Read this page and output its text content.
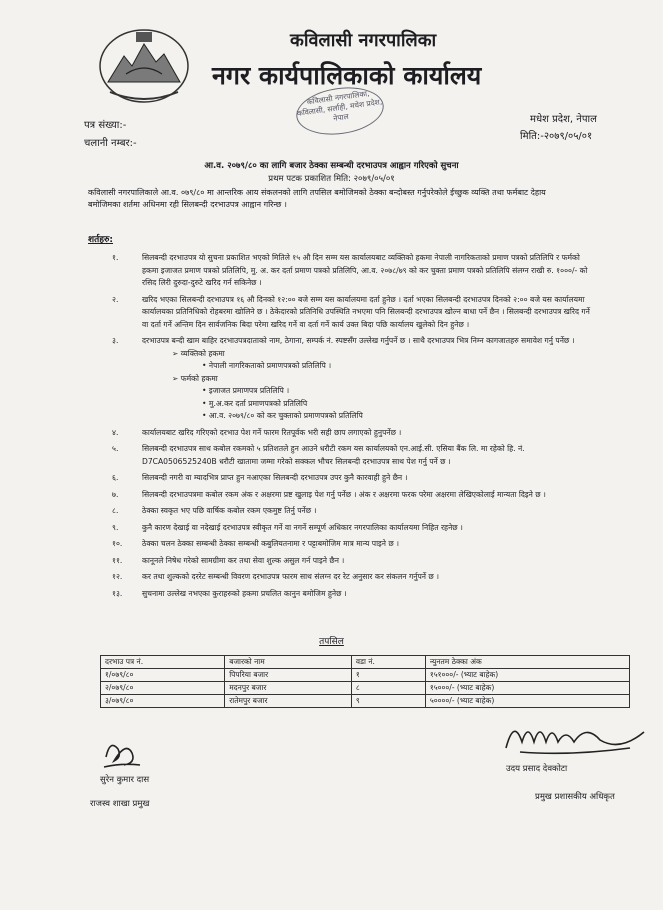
कविलासी नगरपालिका
नगर कार्यपालिकाको कार्यालय
कविलासी नगरपालिका, कविलासी, सर्लाही, मधेश प्रदेश, नेपाल	मधेश प्रदेश, नेपाल
मिति:-२०७९/०५/०१
पत्र संख्या:-
चलानी नम्बर:-
आ.व. २०७९/८० का लागि बजार ठेक्का सम्बन्धी दरभाउपत्र आह्वान गरिएको सुचना
प्रथम पटक प्रकाशित मिति: २०७९/०५/०१
कविलासी नगरपालिकाले आ.व. ०७९/८० मा आन्तरिक आय संकलनको लागि तपसिल बमोजिमको ठेक्का बन्दोबस्त गर्नुपरेकोले ईच्छुक व्यक्ति तथा फर्मबाट देहाय बमोजिमका शर्तमा अधिनमा रही सिलबन्दी दरभाउपत्र आह्वान गरिन्छ ।
शर्तहरु:
१.	सिलबन्दी दरभाउपत्र यो सुचना प्रकाशित भएको मितिले १५ औ दिन सम्म यस कार्यालयबाट व्यक्तिको हकमा नेपाली नागरिकताको प्रमाण पत्रको प्रतिलिपि र फर्मको हकमा इजाजत प्रमाण पत्रको प्रतिलिपि, मु. अ. कर दर्ता प्रमाण पत्रको प्रतिलिपि, आ.व. २०७८/७९ को कर चुक्ता प्रमाण पत्रको प्रतिलिपि संलग्न राखी रु. १०००/- को रसिद लिरी दुरुदा-दुरुटे खरिद गर्न सकिनेछ ।
२.	खरिद भएका सिलबन्दी दरभाउपत्र १६ औ दिनको १२:०० बजे सम्म यस कार्यालयमा दर्ता हुनेछ । दर्ता भएका सिलबन्दी दरभाउपत्र दिनको २:०० बजे यस कार्यालयमा कार्यालयका प्रतिनिधिको रोहबरमा खोलिने छ । ठेकेदारको प्रतिनिधि उपस्थिति नभएमा पनि सिलबन्दी दरभाउपत्र खोल्न बाधा पर्ने छैन । सिलबन्दी दरभाउपत्र खरिद गर्ने वा दर्ता गर्ने अन्तिम दिन सार्वजनिक बिदा परेमा खरिद गर्ने वा दर्ता गर्ने कार्य उक्त बिदा पछि कार्यालय खुलेको दिन हुनेछ ।
३.	दरभाउपत्र बन्दी खाम बाहिर दरभाउपत्रदाताको नाम, ठेगाना, सम्पर्क नं. स्पष्टसँग उल्लेख गर्नुपर्ने छ । साथै दरभाउपत्र भित्र निम्न कागजातहरु समावेश गर्नु पर्नेछ ।
➢ व्यक्तिको हकमा
• नेपाली नागरिकताको प्रमाणपत्रको प्रतिलिपि ।
➢ फर्मको हकमा
• इजाजत प्रमाणपत्र प्रतिलिपि ।
• मु.अ.कर दर्ता प्रमाणपत्रको प्रतिलिपि
• आ.व. २०७९/८० को कर चुक्ताको प्रमाणपत्रको प्रतिलिपि
४.	कार्यालयबाट खरिद गरिएको दरभाउ पेश गर्ने फारम रितपूर्वक भरी सही छाप लगाएको हुनुपर्नेछ ।
५.	सिलबन्दी दरभाउपत्र साथ कबोल रकमको ५ प्रतिशतले हुन आउने धरौटी रकम यस कार्यालयको एन.आई.सी. एसिया बैंक लि. मा रहेको हि. नं. D7CA0506525240B धरौटी खातामा जम्मा गरेको सक्कल भौचर सिलबन्दी दरभाउपत्र साथ पेश गर्नु पर्ने छ ।
६.	सिलबन्दी नगरी वा म्यादभित्र प्राप्त हुन नआएका सिलबन्दी दरभाउपत्र उपर कुनै कारवाही हुने छैन ।
७.	सिलबन्दी दरभाउपत्रमा कबोल रकम अंक र अक्षरमा प्रष्ट खुलाइ पेश गर्नु पर्नेछ । अंक र अक्षरमा फरक परेमा अक्षरमा लेखिएकोलाई मान्यता दिइने छ ।
८.	ठेक्का स्वकृत भए पछि वार्षिक कबोल रकम एकमुष्ट तिर्नु पर्नेछ ।
९.	कुनै कारण देखाई वा नदेखाई दरभाउपत्र स्वीकृत गर्ने वा नगर्ने सम्पूर्ण अधिकार नगरपालिका कार्यालयमा निहित रहनेछ ।
१०.	ठेक्का चलन ठेक्का सम्बन्धी ठेक्का सम्बन्धी कबुलियतनामा र पट्टाबमोजिम मात्र मान्य पाइने छ ।
११.	कानूनले निषेध गरेको सामग्रीमा कर तथा सेवा शुल्क असुल गर्न पाइने छैन ।
१२.	कर तथा शुल्कको दररेट सम्बन्धी विवरण दरभाउपत्र फारम साथ संलग्न दर रेट अनुसार कर संकलन गर्नुपर्ने छ ।
१३.	सुचनामा उल्लेख नभएका कुराहरुको हकमा प्रचलित कानुन बमोजिम हुनेछ ।
तपसिल
दरभाउ पत्र नं.	बजारको नाम	वडा नं.	न्युनतम ठेक्का अंक
१/०७९/८०	पिपरिया बजार	१	१५१०००/- (भ्याट बाहेक)
२/०७९/८०	मदनपुर बजार	८	१५०००/- (भ्याट बाहेक)
३/०७९/८०	रातेमपुर बजार	९	५००००/- (भ्याट बाहेक)
सुरेन कुमार दास
राजस्व शाखा प्रमुख
उदय प्रसाद देवकोटा
प्रमुख प्रशासकीय अधिकृत
